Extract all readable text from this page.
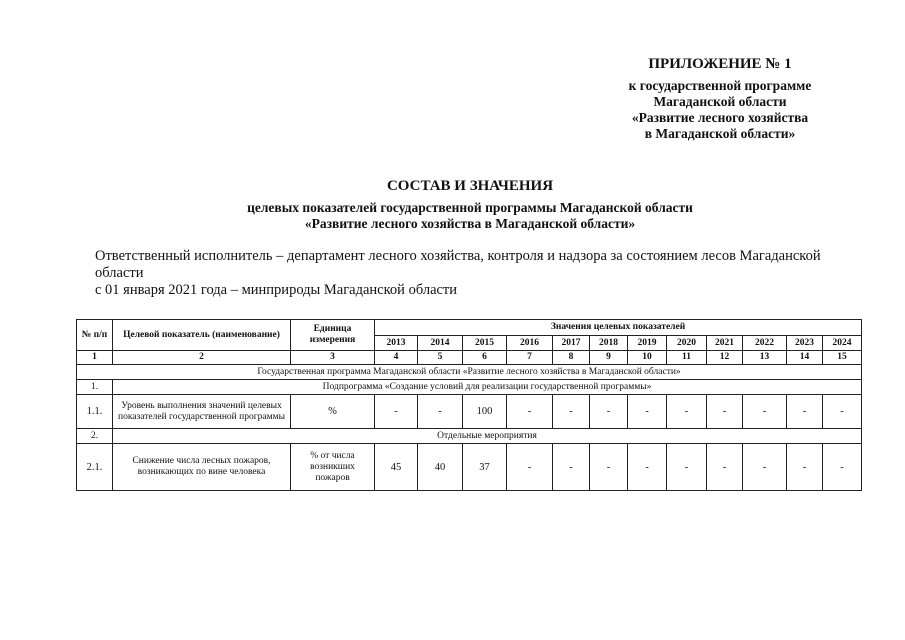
ПРИЛОЖЕНИЕ № 1
к государственной программе
Магаданской области
«Развитие лесного хозяйства
в Магаданской области»
СОСТАВ И ЗНАЧЕНИЯ
целевых показателей государственной программы Магаданской области
«Развитие лесного хозяйства в Магаданской области»
Ответственный исполнитель – департамент лесного хозяйства, контроля и надзора за состоянием лесов Магаданской области
с 01 января 2021 года – минприроды Магаданской области
№ п/п	Целевой показатель (наименование)	Единица измерения	Значения целевых показателей											
			2013	2014	2015	2016	2017	2018	2019	2020	2021	2022	2023	2024
1	2	3	4	5	6	7	8	9	10	11	12	13	14	15
Государственная программа Магаданской области «Развитие лесного хозяйства в Магаданской области»														
1.	Подпрограмма «Создание условий для реализации государственной программы»													
1.1.	Уровень выполнения значений целевых показателей государственной программы	%	-	-	100	-	-	-	-	-	-	-	-	-
2.	Отдельные мероприятия													
2.1.	Снижение числа лесных пожаров, возникающих по вине человека	% от числа возникших пожаров	45	40	37	-	-	-	-	-	-	-	-	-
